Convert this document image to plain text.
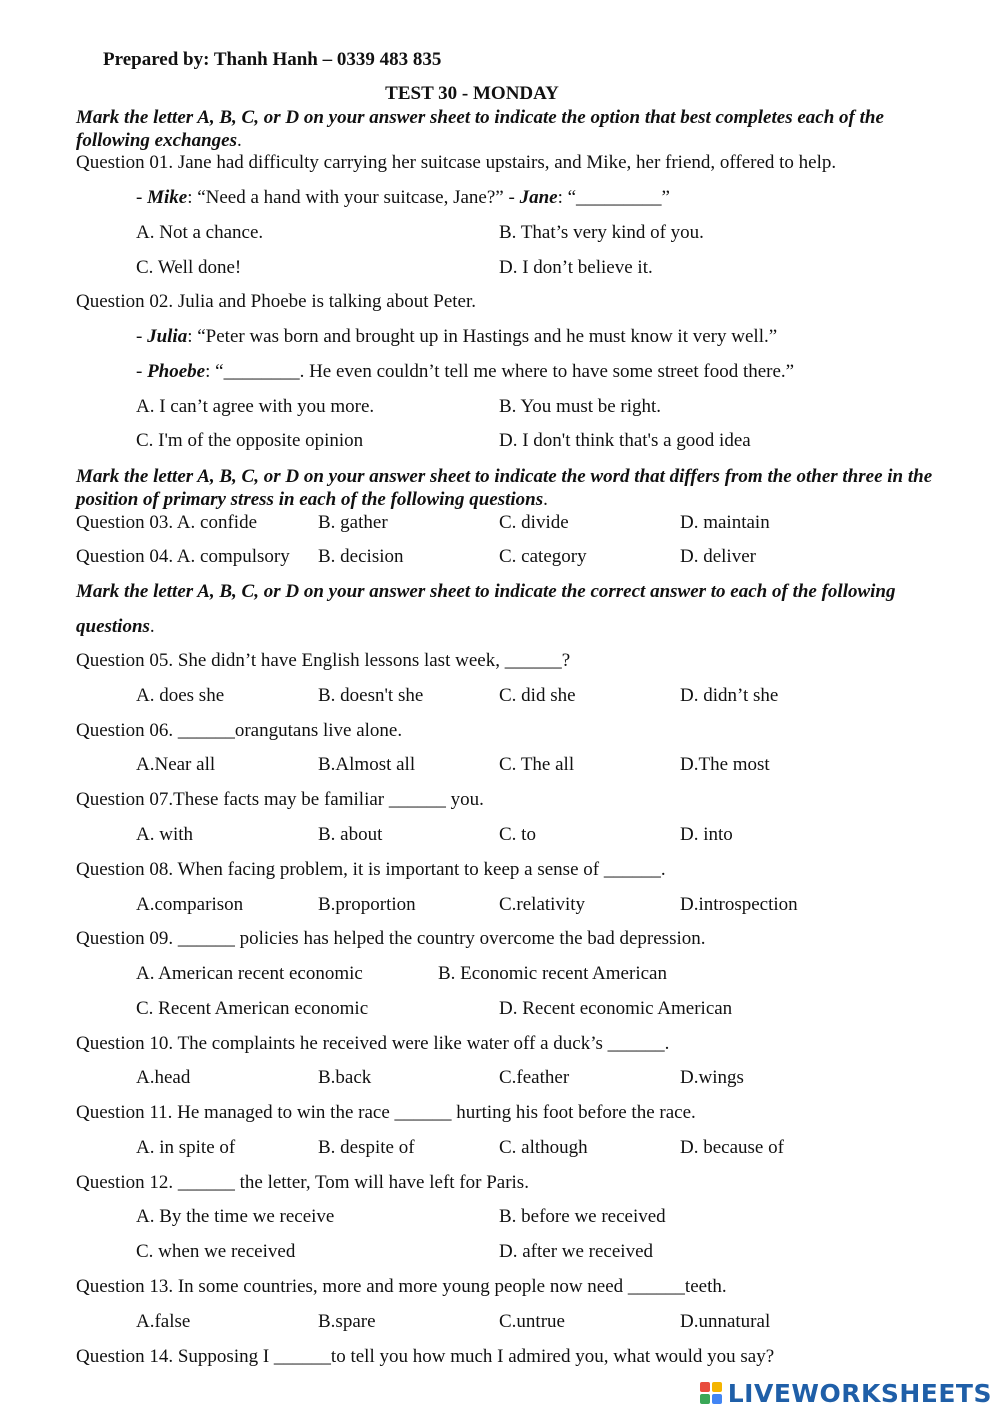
Prepared by: Thanh Hanh – 0339 483 835
TEST 30 - MONDAY
Mark the letter A, B, C, or D on your answer sheet to indicate the option that best completes each of the following exchanges.
Question 01. Jane had difficulty carrying her suitcase upstairs, and Mike, her friend, offered to help.
- Mike: “Need a hand with your suitcase, Jane?” - Jane: “_________”
A. Not a chance.	B. That’s very kind of you.
C. Well done!	D. I don’t believe it.
Question 02. Julia and Phoebe is talking about Peter.
- Julia: “Peter was born and brought up in Hastings and he must know it very well.”
- Phoebe: “________. He even couldn’t tell me where to have some street food there.”
A. I can’t agree with you more.	B. You must be right.
C. I'm of the opposite opinion	D. I don't think that's a good idea
Mark the letter A, B, C, or D on your answer sheet to indicate the word that differs from the other three in the position of primary stress in each of the following questions.
Question 03. A. confide	B. gather	C. divide	D. maintain
Question 04. A. compulsory B. decision	C. category	D. deliver
Mark the letter A, B, C, or D on your answer sheet to indicate the correct answer to each of the following
questions.
Question 05. She didn’t have English lessons last week, ______?
A. does she	B. doesn't she	C. did she	D. didn’t she
Question 06. ______orangutans live alone.
A.Near all	B.Almost all	C. The all	D.The most
Question 07.These facts may be familiar ______ you.
A. with	B. about	C. to	D. into
Question 08. When facing problem, it is important to keep a sense of ______.
A.comparison	B.proportion	C.relativity	D.introspection
Question 09. ______ policies has helped the country overcome the bad depression.
A. American recent economic	B. Economic recent American
C. Recent American economic	D. Recent economic American
Question 10. The complaints he received were like water off a duck’s ______.
A.head	B.back	C.feather	D.wings
Question 11. He managed to win the race ______ hurting his foot before the race.
A. in spite of	B. despite of	C. although	D. because of
Question 12. ______ the letter, Tom will have left for Paris.
A. By the time we receive	B. before we received
C. when we received	D. after we received
Question 13. In some countries, more and more young people now need ______teeth.
A.false	B.spare	C.untrue	D.unnatural
Question 14. Supposing I ______to tell you how much I admired you, what would you say?
LIVEWORKSHEETS
